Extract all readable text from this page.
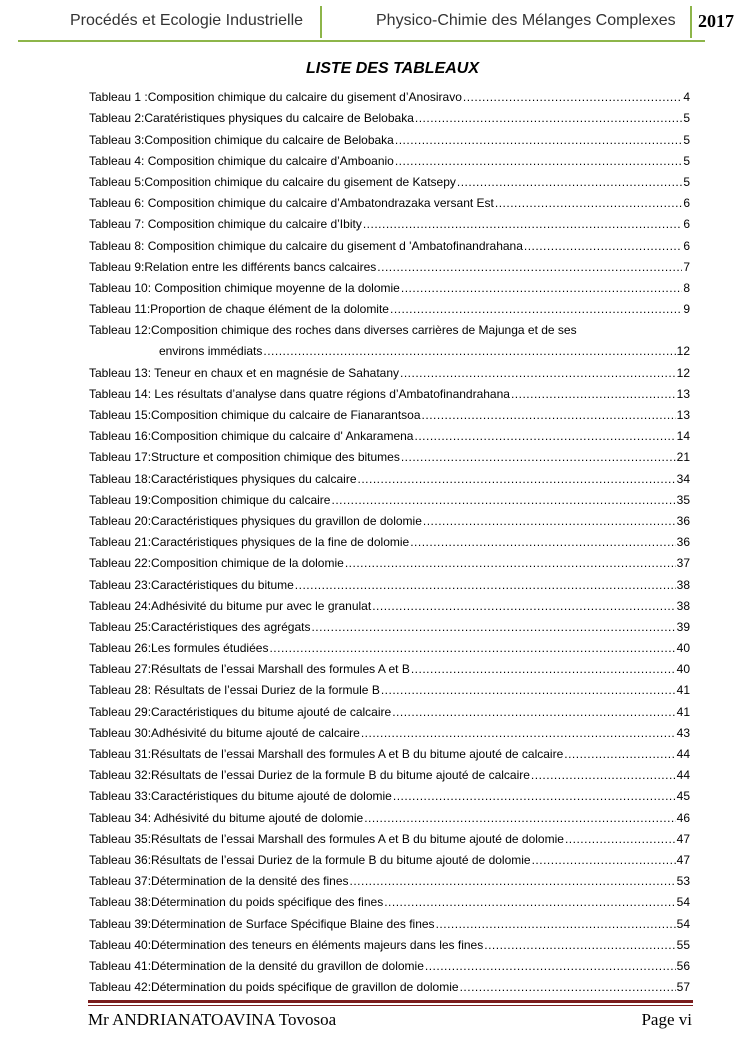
Procédés et Ecologie Industrielle	Physico-Chimie des Mélanges Complexes 2017
LISTE DES TABLEAUX
Tableau 1 :Composition chimique du calcaire du gisement d’Anosiravo .....	4
Tableau 2:Caratéristiques physiques du calcaire de Belobaka .....	5
Tableau 3:Composition chimique du calcaire de Belobaka .....	5
Tableau 4: Composition chimique du calcaire d’Amboanio .....	5
Tableau 5:Composition chimique du calcaire du gisement de Katsepy .....	5
Tableau 6: Composition chimique du calcaire d’Ambatondrazaka versant Est .....	6
Tableau 7: Composition chimique du calcaire d’Ibity .....	6
Tableau 8: Composition chimique du calcaire du gisement d 'Ambatofinandrahana .....	6
Tableau 9:Relation entre les différents bancs calcaires .....	7
Tableau 10: Composition chimique moyenne de la dolomie .....	8
Tableau 11:Proportion de chaque élément de la dolomite .....	9
Tableau 12:Composition chimique des roches dans diverses carrières de Majunga et de ses
environs immédiats .....	12
Tableau 13: Teneur en chaux et en magnésie de Sahatany .....	12
Tableau 14: Les résultats d’analyse dans quatre régions d’Ambatofinandrahana .....	13
Tableau 15:Composition chimique du calcaire de Fianarantsoa .....	13
Tableau 16:Composition chimique du calcaire d' Ankaramena .....	14
Tableau 17:Structure et composition chimique des bitumes .....	21
Tableau 18:Caractéristiques physiques du calcaire .....	34
Tableau 19:Composition chimique du calcaire .....	35
Tableau 20:Caractéristiques physiques du gravillon de dolomie .....	36
Tableau 21:Caractéristiques physiques de la fine de dolomie .....	36
Tableau 22:Composition chimique de la dolomie .....	37
Tableau 23:Caractéristiques du bitume .....	38
Tableau 24:Adhésivité du bitume pur avec le granulat .....	38
Tableau 25:Caractéristiques des agrégats .....	39
Tableau 26:Les formules étudiées .....	40
Tableau 27:Résultats de l’essai Marshall des formules A et B .....	40
Tableau 28: Résultats de l’essai Duriez de la formule B .....	41
Tableau 29:Caractéristiques du bitume ajouté de calcaire .....	41
Tableau 30:Adhésivité du bitume ajouté de calcaire .....	43
Tableau 31:Résultats de l’essai Marshall des formules A et B du bitume ajouté de calcaire .....	44
Tableau 32:Résultats de l’essai Duriez de la formule B du bitume ajouté de calcaire .....	44
Tableau 33:Caractéristiques du bitume ajouté de dolomie .....	45
Tableau 34: Adhésivité du bitume ajouté de dolomie .....	46
Tableau 35:Résultats de l’essai Marshall des formules A et B du bitume ajouté de dolomie .....	47
Tableau 36:Résultats de l’essai Duriez de la formule B du bitume ajouté de dolomie .....	47
Tableau 37:Détermination de la densité des fines .....	53
Tableau 38:Détermination du poids spécifique des fines .....	54
Tableau 39:Détermination de Surface Spécifique Blaine des fines .....	54
Tableau 40:Détermination des teneurs en éléments majeurs dans les fines .....	55
Tableau 41:Détermination de la densité du gravillon de dolomie .....	56
Tableau 42:Détermination du poids spécifique de gravillon de dolomie .....	57
Mr ANDRIANATOAVINA Tovosoa	Page vi
